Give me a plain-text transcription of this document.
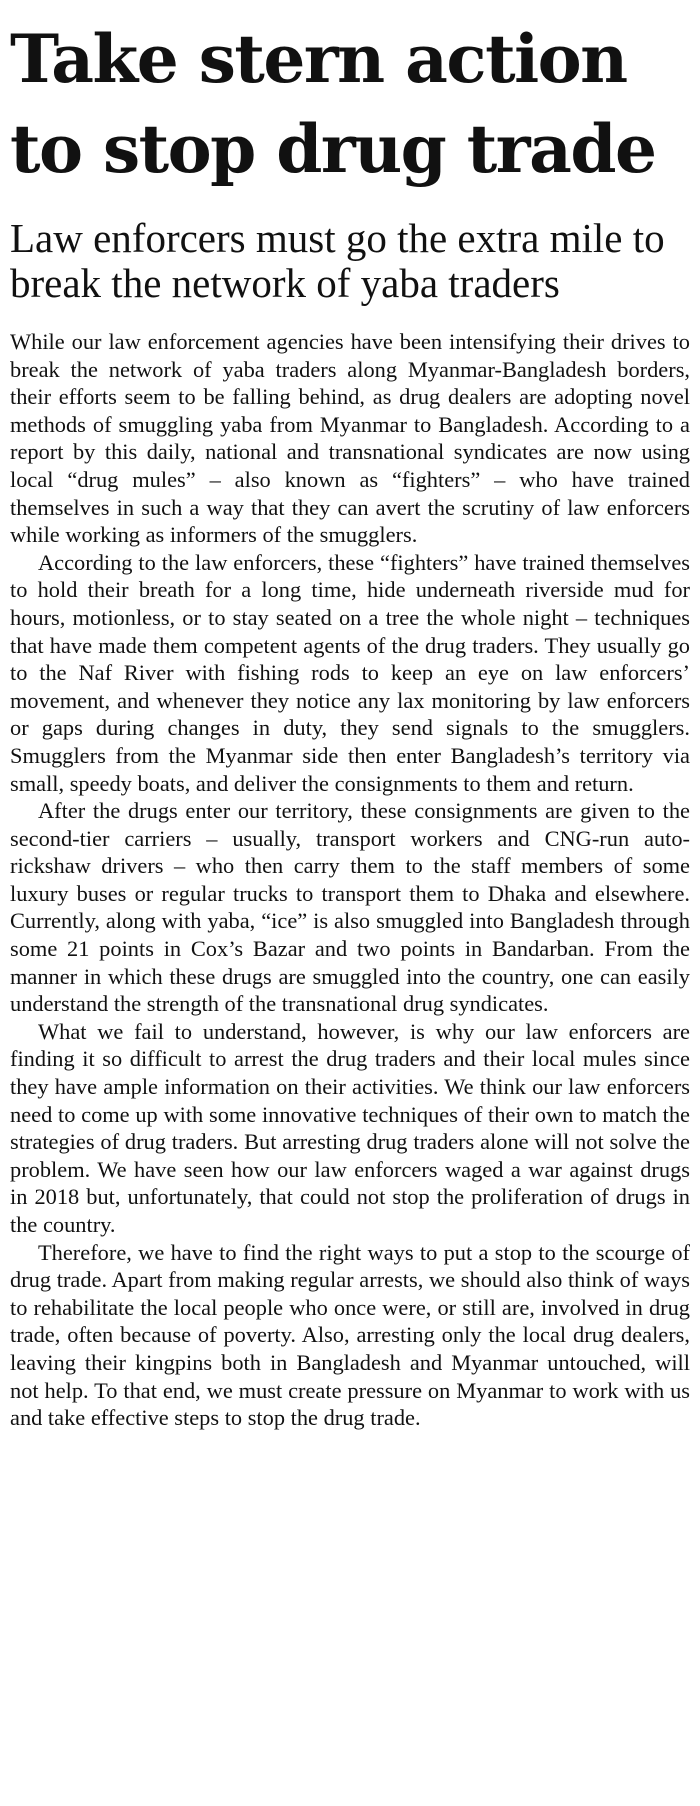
Take stern action to stop drug trade
Law enforcers must go the extra mile to break the network of yaba traders

While our law enforcement agencies have been intensifying their drives to break the network of yaba traders along Myanmar-Bangladesh borders, their efforts seem to be falling behind, as drug dealers are adopting novel methods of smuggling yaba from Myanmar to Bangladesh. According to a report by this daily, national and transnational syndicates are now using local “drug mules” – also known as “fighters” – who have trained themselves in such a way that they can avert the scrutiny of law enforcers while working as informers of the smugglers.

According to the law enforcers, these “fighters” have trained themselves to hold their breath for a long time, hide underneath riverside mud for hours, motionless, or to stay seated on a tree the whole night – techniques that have made them competent agents of the drug traders. They usually go to the Naf River with fishing rods to keep an eye on law enforcers’ movement, and whenever they notice any lax monitoring by law enforcers or gaps during changes in duty, they send signals to the smugglers. Smugglers from the Myanmar side then enter Bangladesh’s territory via small, speedy boats, and deliver the consignments to them and return.

After the drugs enter our territory, these consignments are given to the second-tier carriers – usually, transport workers and CNG-run auto-rickshaw drivers – who then carry them to the staff members of some luxury buses or regular trucks to transport them to Dhaka and elsewhere. Currently, along with yaba, “ice” is also smuggled into Bangladesh through some 21 points in Cox’s Bazar and two points in Bandarban. From the manner in which these drugs are smuggled into the country, one can easily understand the strength of the transnational drug syndicates.

What we fail to understand, however, is why our law enforcers are finding it so difficult to arrest the drug traders and their local mules since they have ample information on their activities. We think our law enforcers need to come up with some innovative techniques of their own to match the strategies of drug traders. But arresting drug traders alone will not solve the problem. We have seen how our law enforcers waged a war against drugs in 2018 but, unfortunately, that could not stop the proliferation of drugs in the country.

Therefore, we have to find the right ways to put a stop to the scourge of drug trade. Apart from making regular arrests, we should also think of ways to rehabilitate the local people who once were, or still are, involved in drug trade, often because of poverty. Also, arresting only the local drug dealers, leaving their kingpins both in Bangladesh and Myanmar untouched, will not help. To that end, we must create pressure on Myanmar to work with us and take effective steps to stop the drug trade.
